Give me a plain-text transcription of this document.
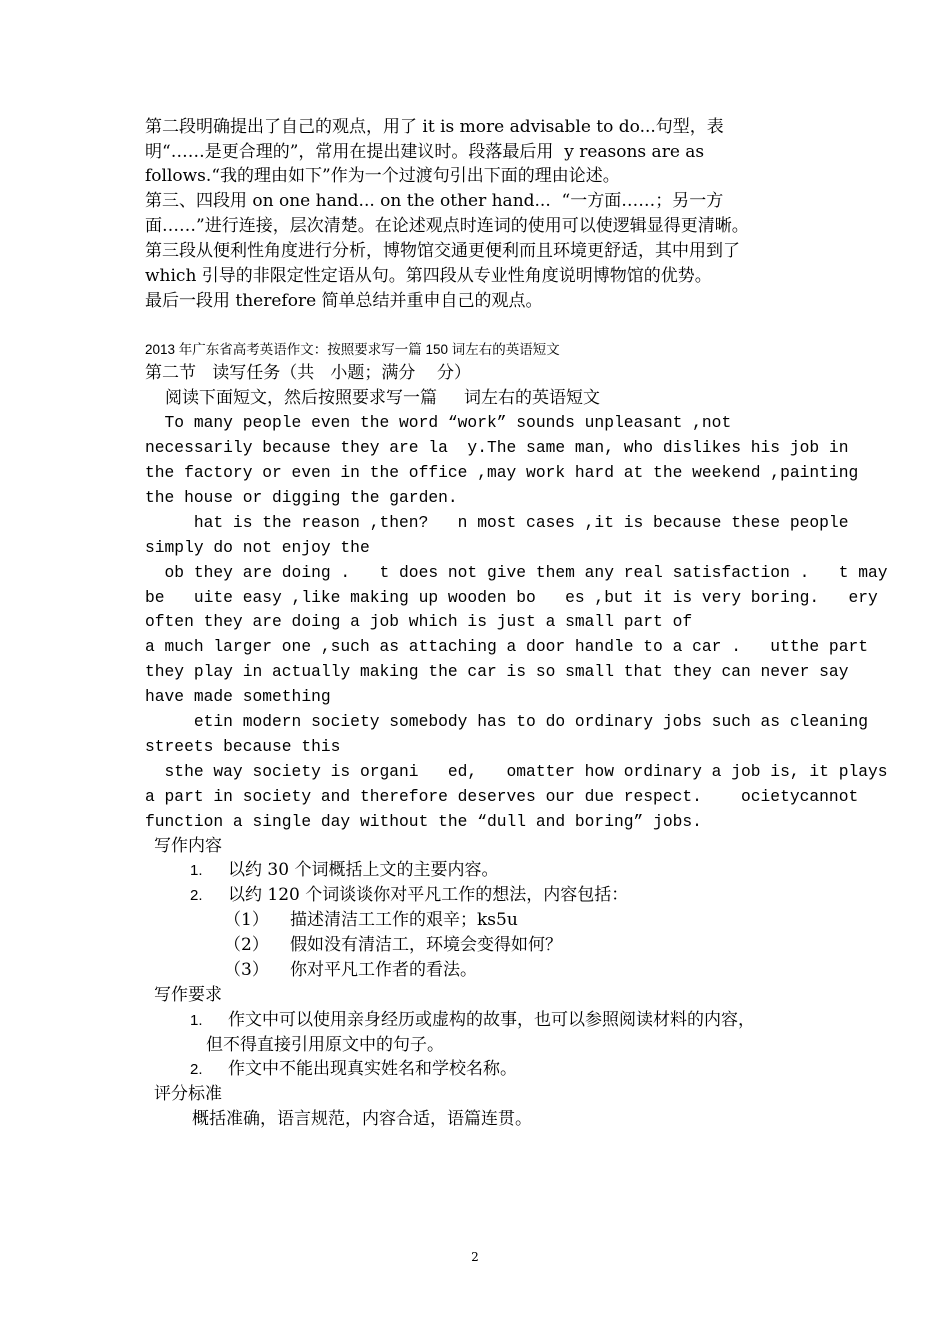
第二段明确提出了自己的观点，用了 it is more advisable to do...句型，表

明“……是更合理的”，常用在提出建议时。段落最后用  y reasons are as

follows.“我的理由如下”作为一个过渡句引出下面的理由论述。

第三、四段用 on one hand... on the other hand...  “一方面……；另一方

面……”进行连接，层次清楚。在论述观点时连词的使用可以使逻辑显得更清晰。

第三段从便利性角度进行分析，博物馆交通更便利而且环境更舒适，其中用到了

which 引导的非限定性定语从句。第四段从专业性角度说明博物馆的优势。

最后一段用 therefore 简单总结并重申自己的观点。

2013 年广东省高考英语作文：按照要求写一篇 150 词左右的英语短文

第二节   读写任务（共   小题；满分    分）

阅读下面短文，然后按照要求写一篇     词左右的英语短文

To many people even the word “work” sounds unpleasant ,not

necessarily because they are la  y.The same man, who dislikes his job in

the factory or even in the office ,may work hard at the weekend ,painting

the house or digging the garden.

hat is the reason ,then?   n most cases ,it is because these people

simply do not enjoy the

ob they are doing .   t does not give them any real satisfaction .   t may

be   uite easy ,like making up wooden bo   es ,but it is very boring.   ery

often they are doing a job which is just a small part of

a much larger one ,such as attaching a door handle to a car .   utthe part

they play in actually making the car is so small that they can never say

have made something

etin modern society somebody has to do ordinary jobs such as cleaning

streets because this

sthe way society is organi   ed,   omatter how ordinary a job is, it plays

a part in society and therefore deserves our due respect.    ocietycannot

function a single day without the “dull and boring” jobs.

写作内容

1. 以约 30 个词概括上文的主要内容。
2. 以约 120 个词谈谈你对平凡工作的想法，内容包括：
（1） 描述清洁工工作的艰辛；ks5u
（2） 假如没有清洁工，环境会变得如何？
（3） 你对平凡工作者的看法。

写作要求

1. 作文中可以使用亲身经历或虚构的故事，也可以参照阅读材料的内容，
但不得直接引用原文中的句子。
2. 作文中不能出现真实姓名和学校名称。

评分标准

概括准确，语言规范，内容合适，语篇连贯。

2
